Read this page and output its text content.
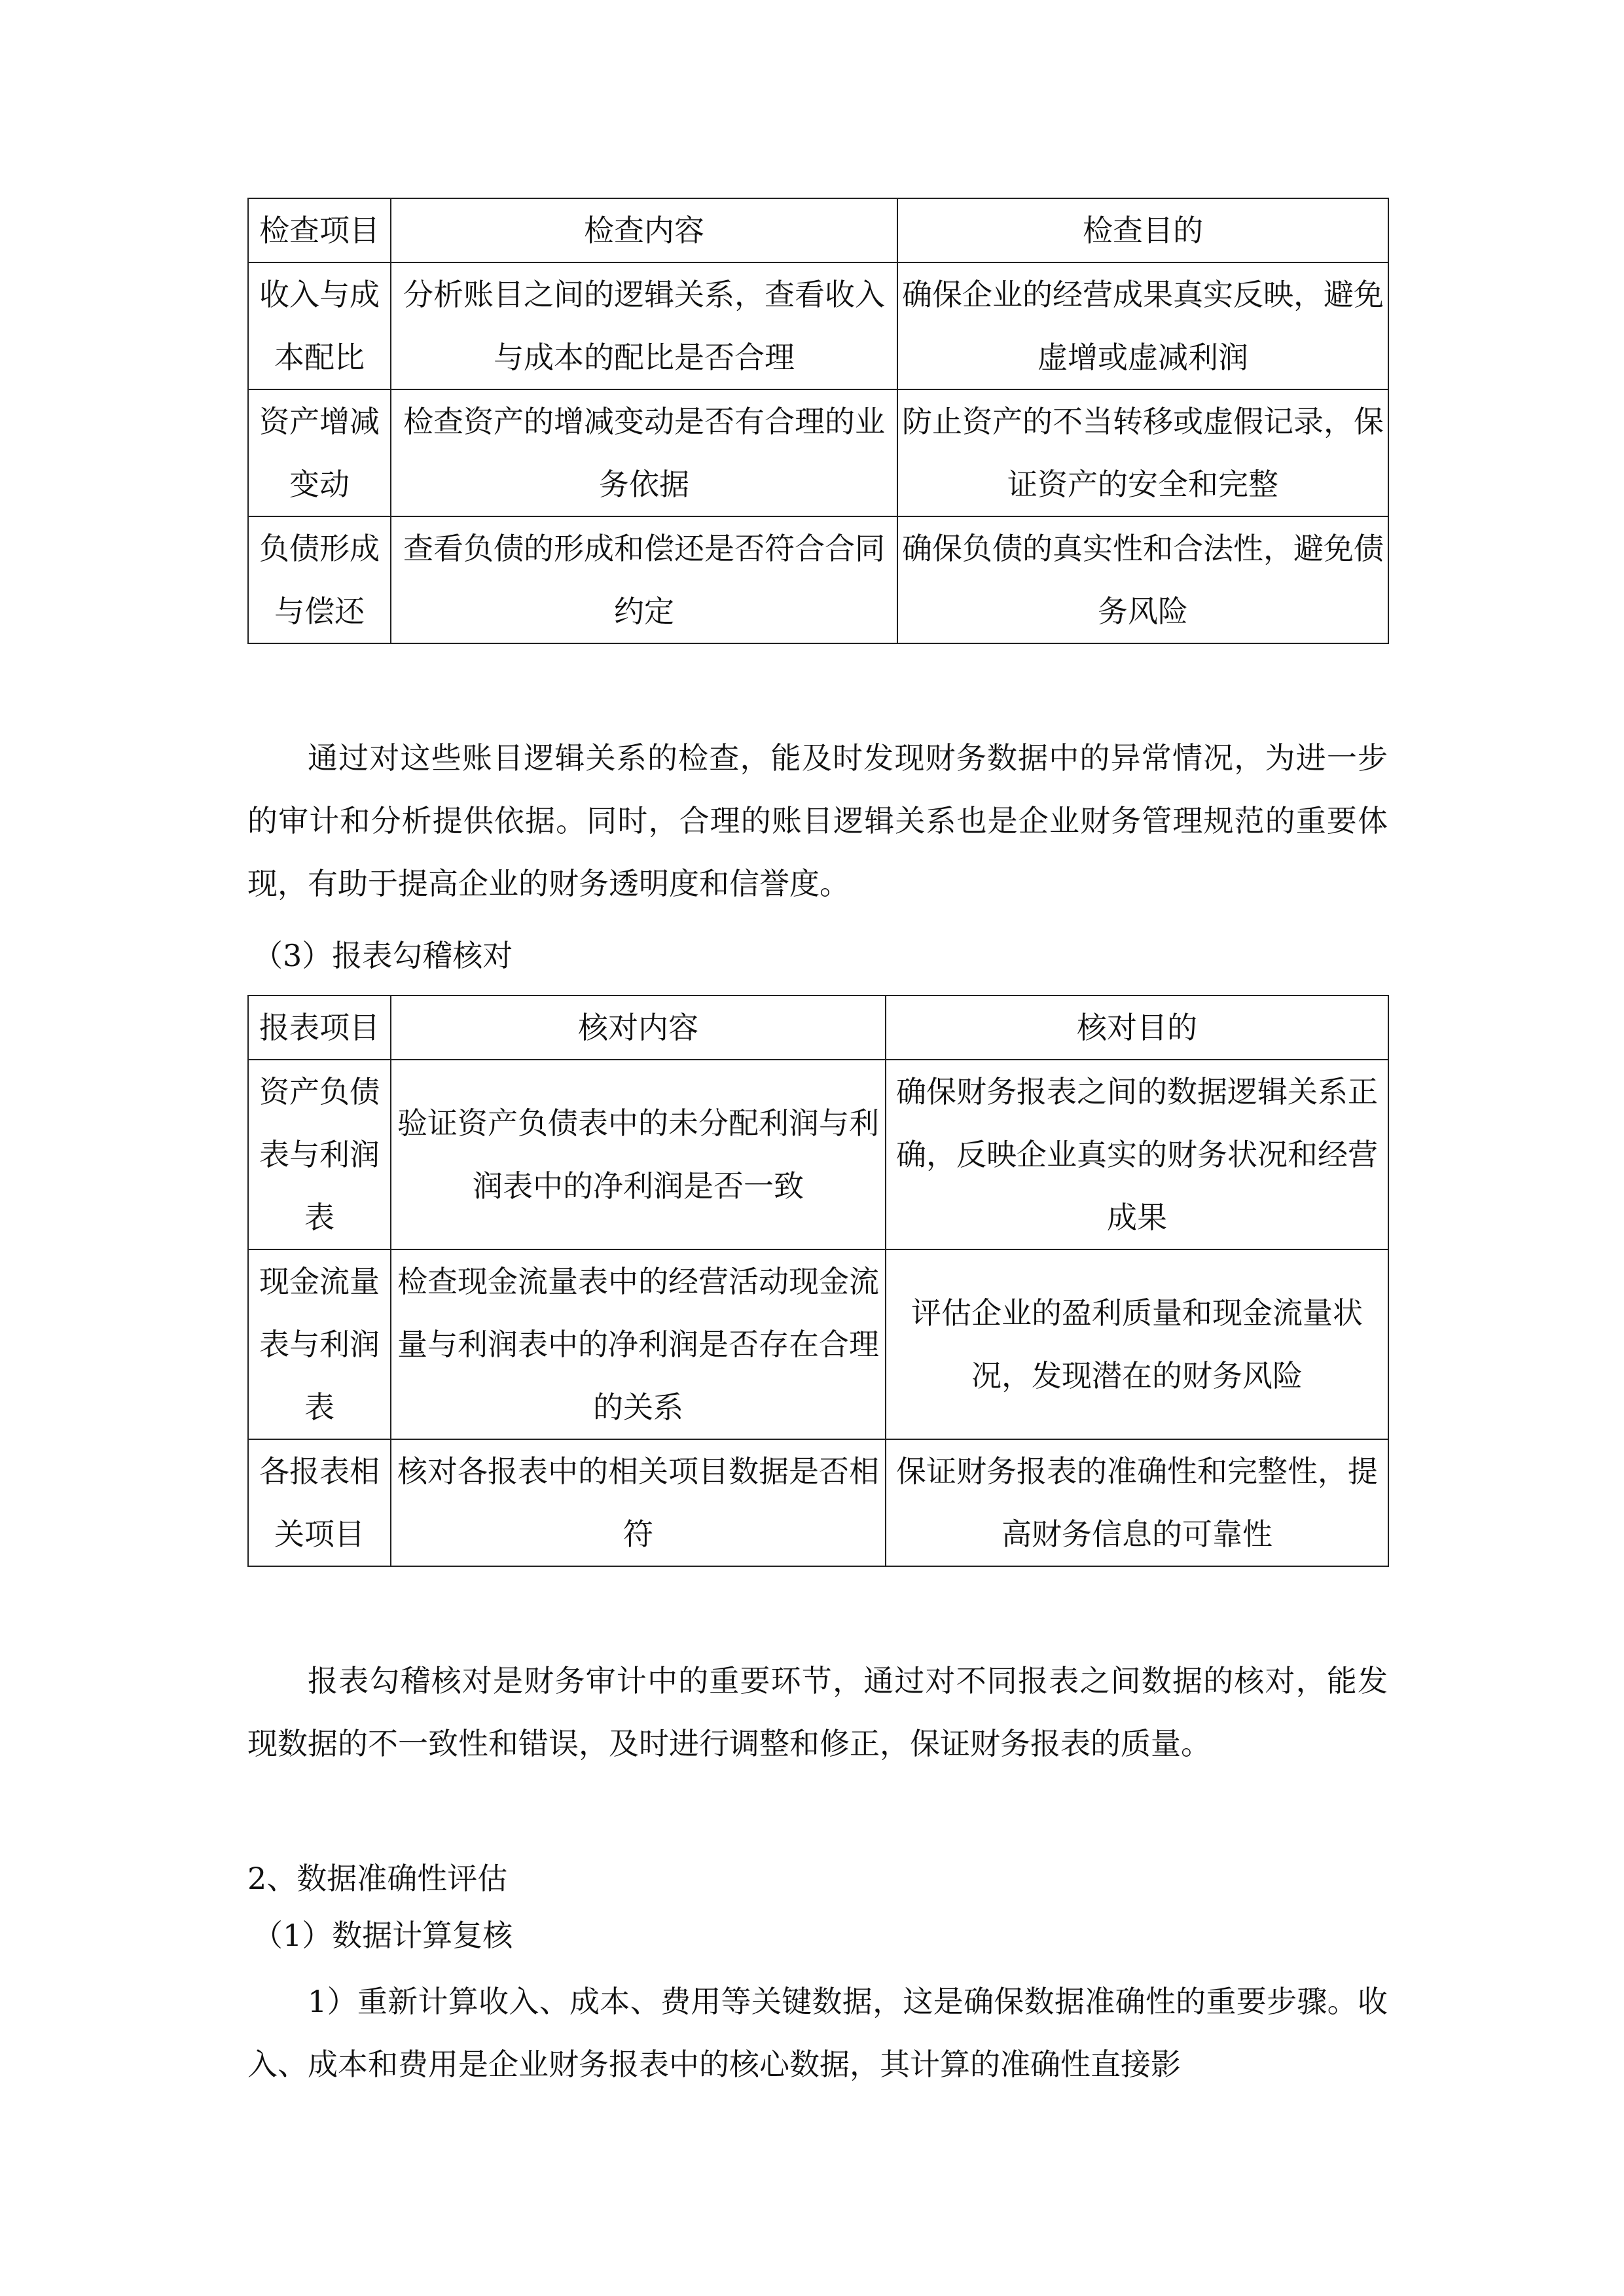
检查项目	检查内容	检查目的
收入与成本配比	分析账目之间的逻辑关系，查看收入与成本的配比是否合理	确保企业的经营成果真实反映，避免虚增或虚减利润
资产增减变动	检查资产的增减变动是否有合理的业务依据	防止资产的不当转移或虚假记录，保证资产的安全和完整
负债形成与偿还	查看负债的形成和偿还是否符合合同约定	确保负债的真实性和合法性，避免债务风险

通过对这些账目逻辑关系的检查，能及时发现财务数据中的异常情况，为进一步的审计和分析提供依据。同时，合理的账目逻辑关系也是企业财务管理规范的重要体现，有助于提高企业的财务透明度和信誉度。

（3）报表勾稽核对

报表项目	核对内容	核对目的
资产负债表与利润表	验证资产负债表中的未分配利润与利润表中的净利润是否一致	确保财务报表之间的数据逻辑关系正确，反映企业真实的财务状况和经营成果
现金流量表与利润表	检查现金流量表中的经营活动现金流量与利润表中的净利润是否存在合理的关系	评估企业的盈利质量和现金流量状况，发现潜在的财务风险
各报表相关项目	核对各报表中的相关项目数据是否相符	保证财务报表的准确性和完整性，提高财务信息的可靠性

报表勾稽核对是财务审计中的重要环节，通过对不同报表之间数据的核对，能发现数据的不一致性和错误，及时进行调整和修正，保证财务报表的质量。

2、数据准确性评估

（1）数据计算复核

1）重新计算收入、成本、费用等关键数据，这是确保数据准确性的重要步骤。收入、成本和费用是企业财务报表中的核心数据，其计算的准确性直接影
